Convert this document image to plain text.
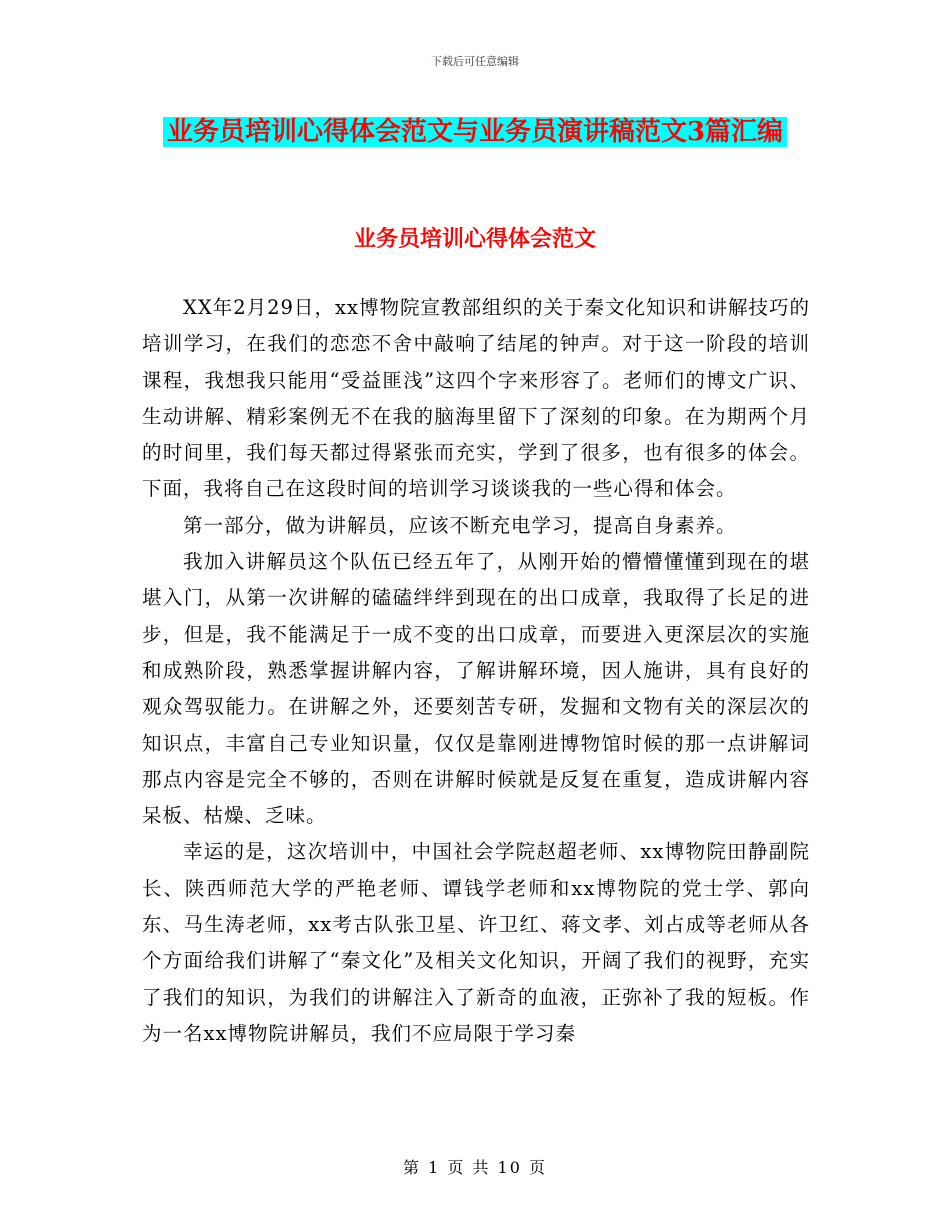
下载后可任意编辑
业务员培训心得体会范文与业务员演讲稿范文3篇汇编
业务员培训心得体会范文

XX年2月29日，xx博物院宣教部组织的关于秦文化知识和讲解技巧的培训学习，在我们的恋恋不舍中敲响了结尾的钟声。对于这一阶段的培训课程，我想我只能用“受益匪浅”这四个字来形容了。老师们的博文广识、生动讲解、精彩案例无不在我的脑海里留下了深刻的印象。在为期两个月的时间里，我们每天都过得紧张而充实，学到了很多，也有很多的体会。下面，我将自己在这段时间的培训学习谈谈我的一些心得和体会。

第一部分，做为讲解员，应该不断充电学习，提高自身素养。

我加入讲解员这个队伍已经五年了，从刚开始的懵懵懂懂到现在的堪堪入门，从第一次讲解的磕磕绊绊到现在的出口成章，我取得了长足的进步，但是，我不能满足于一成不变的出口成章，而要进入更深层次的实施和成熟阶段，熟悉掌握讲解内容，了解讲解环境，因人施讲，具有良好的观众驾驭能力。在讲解之外，还要刻苦专研，发掘和文物有关的深层次的知识点，丰富自己专业知识量，仅仅是靠刚进博物馆时候的那一点讲解词那点内容是完全不够的，否则在讲解时候就是反复在重复，造成讲解内容呆板、枯燥、乏味。

幸运的是，这次培训中，中国社会学院赵超老师、xx博物院田静副院长、陕西师范大学的严艳老师、谭钱学老师和xx博物院的党士学、郭向东、马生涛老师，xx考古队张卫星、许卫红、蒋文孝、刘占成等老师从各个方面给我们讲解了“秦文化”及相关文化知识，开阔了我们的视野，充实了我们的知识，为我们的讲解注入了新奇的血液，正弥补了我的短板。作为一名xx博物院讲解员，我们不应局限于学习秦

第 1 页 共 10 页
